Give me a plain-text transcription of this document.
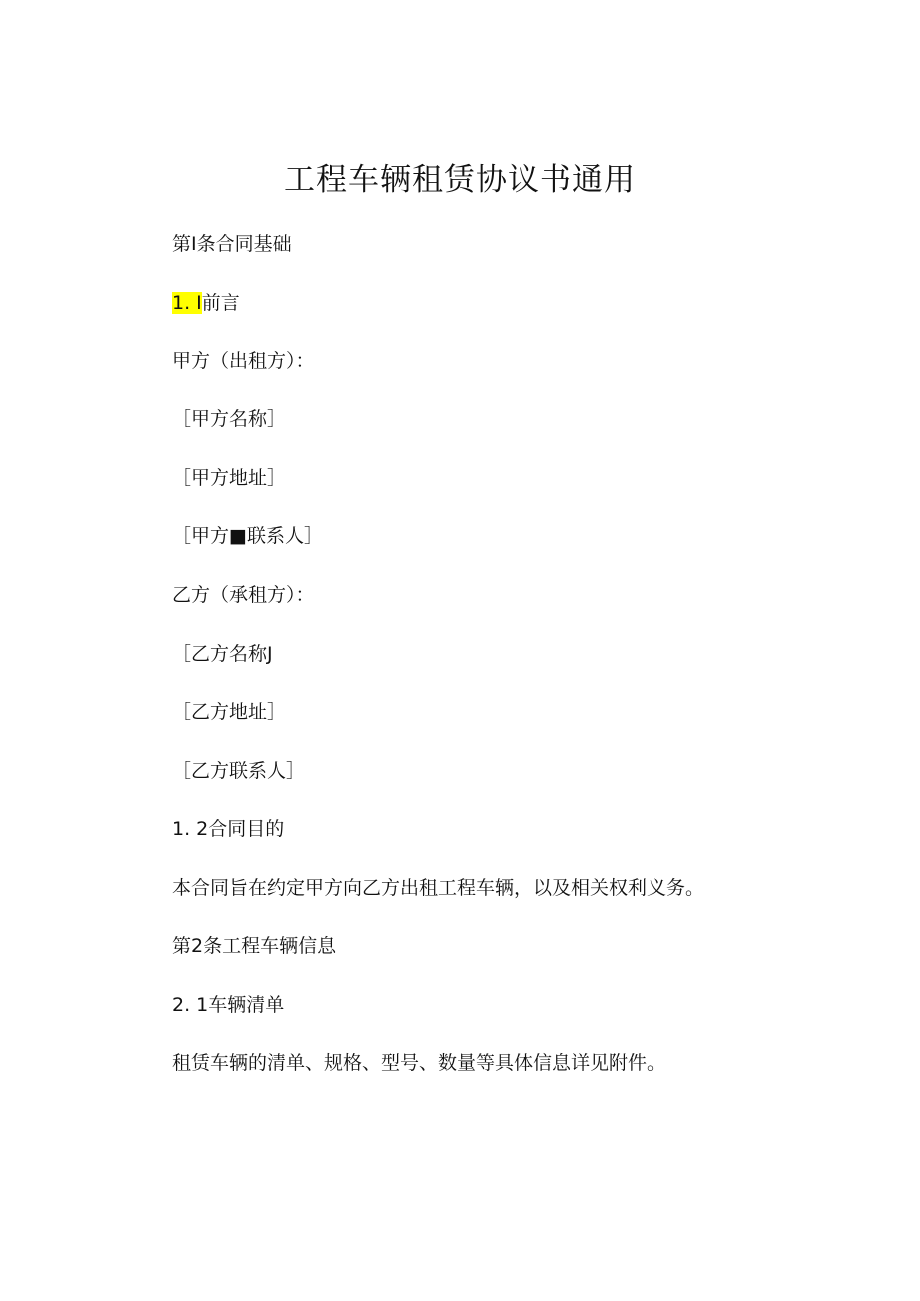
工程车辆租赁协议书通用

第I条合同基础

1. I前言

甲方（出租方）：

［甲方名称］

［甲方地址］

［甲方■联系人］

乙方（承租方）：

［乙方名称J

［乙方地址］

［乙方联系人］

1. 2合同目的

本合同旨在约定甲方向乙方出租工程车辆，以及相关权利义务。

第2条工程车辆信息

2. 1车辆清单

租赁车辆的清单、规格、型号、数量等具体信息详见附件。
